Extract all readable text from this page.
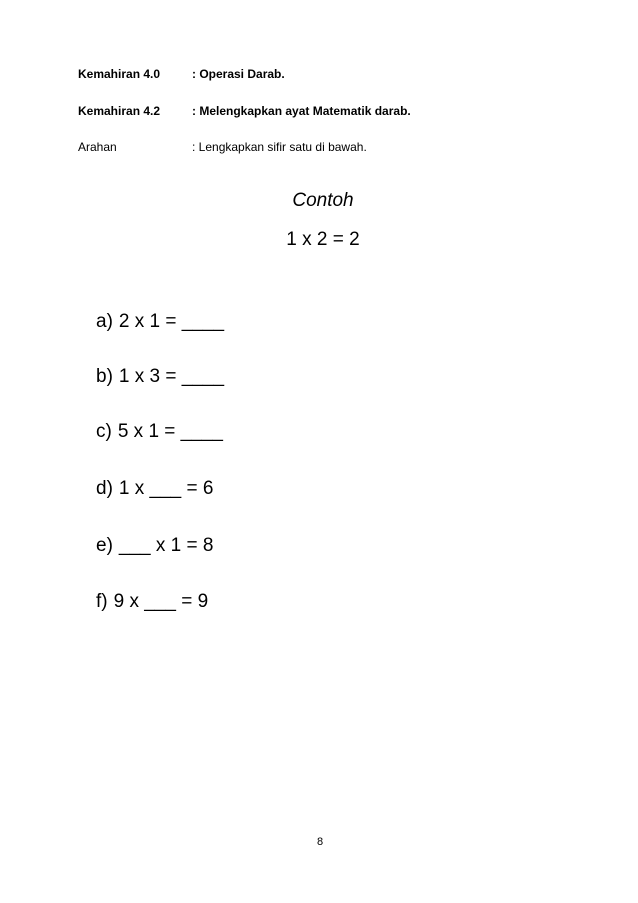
Kemahiran 4.0	: Operasi Darab.
Kemahiran 4.2	: Melengkapkan ayat Matematik darab.
Arahan	: Lengkapkan sifir satu di bawah.
Contoh
1 x 2 = 2
a) 2 x 1 = ____
b) 1 x 3 = ____
c) 5 x 1 = ____
d) 1 x ___ = 6
e) ___ x 1 = 8
f) 9 x ___ = 9
8
